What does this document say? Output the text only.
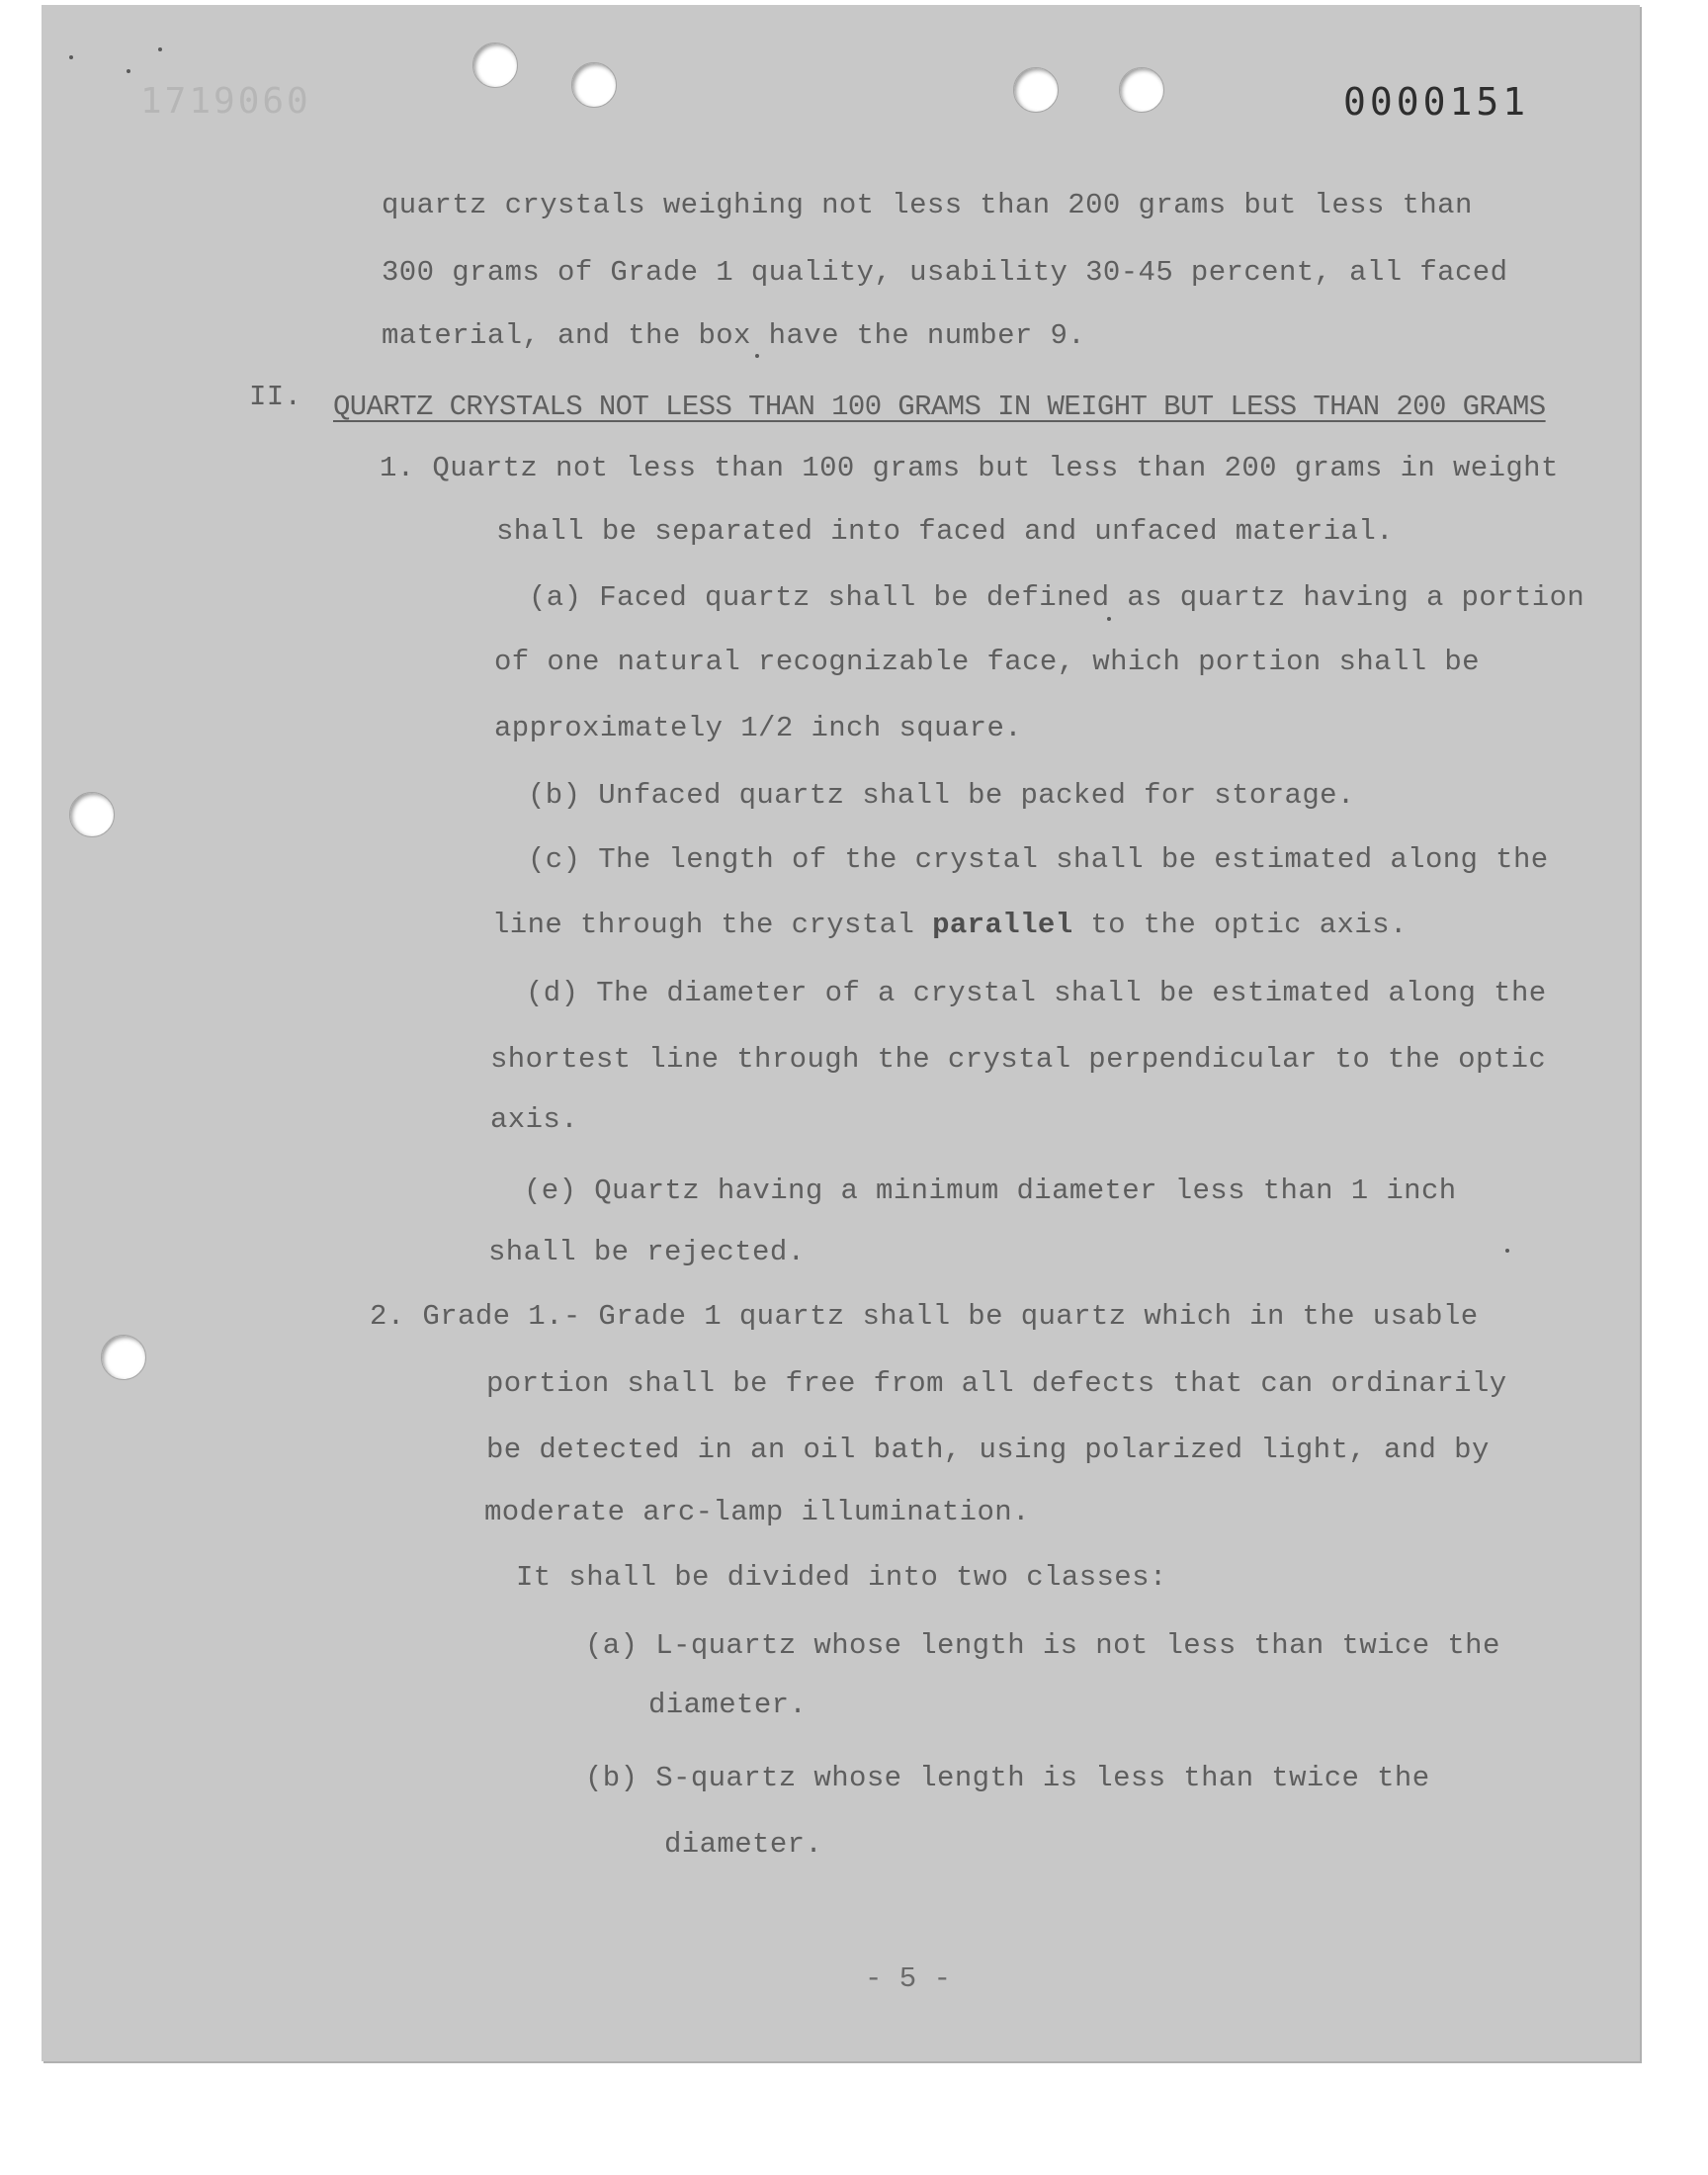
1719060	0000151
quartz crystals weighing not less than 200 grams but less than
300 grams of Grade 1 quality, usability 30-45 percent, all faced
material, and the box have the number 9.
II. QUARTZ CRYSTALS NOT LESS THAN 100 GRAMS IN WEIGHT BUT LESS THAN 200 GRAMS
1. Quartz not less than 100 grams but less than 200 grams in weight
shall be separated into faced and unfaced material.
(a) Faced quartz shall be defined as quartz having a portion
of one natural recognizable face, which portion shall be
approximately 1/2 inch square.
(b) Unfaced quartz shall be packed for storage.
(c) The length of the crystal shall be estimated along the
line through the crystal parallel to the optic axis.
(d) The diameter of a crystal shall be estimated along the
shortest line through the crystal perpendicular to the optic
axis.
(e) Quartz having a minimum diameter less than 1 inch
shall be rejected.
2. Grade 1.- Grade 1 quartz shall be quartz which in the usable
portion shall be free from all defects that can ordinarily
be detected in an oil bath, using polarized light, and by
moderate arc-lamp illumination.
It shall be divided into two classes:
(a) L-quartz whose length is not less than twice the
diameter.
(b) S-quartz whose length is less than twice the
diameter.
- 5 -
